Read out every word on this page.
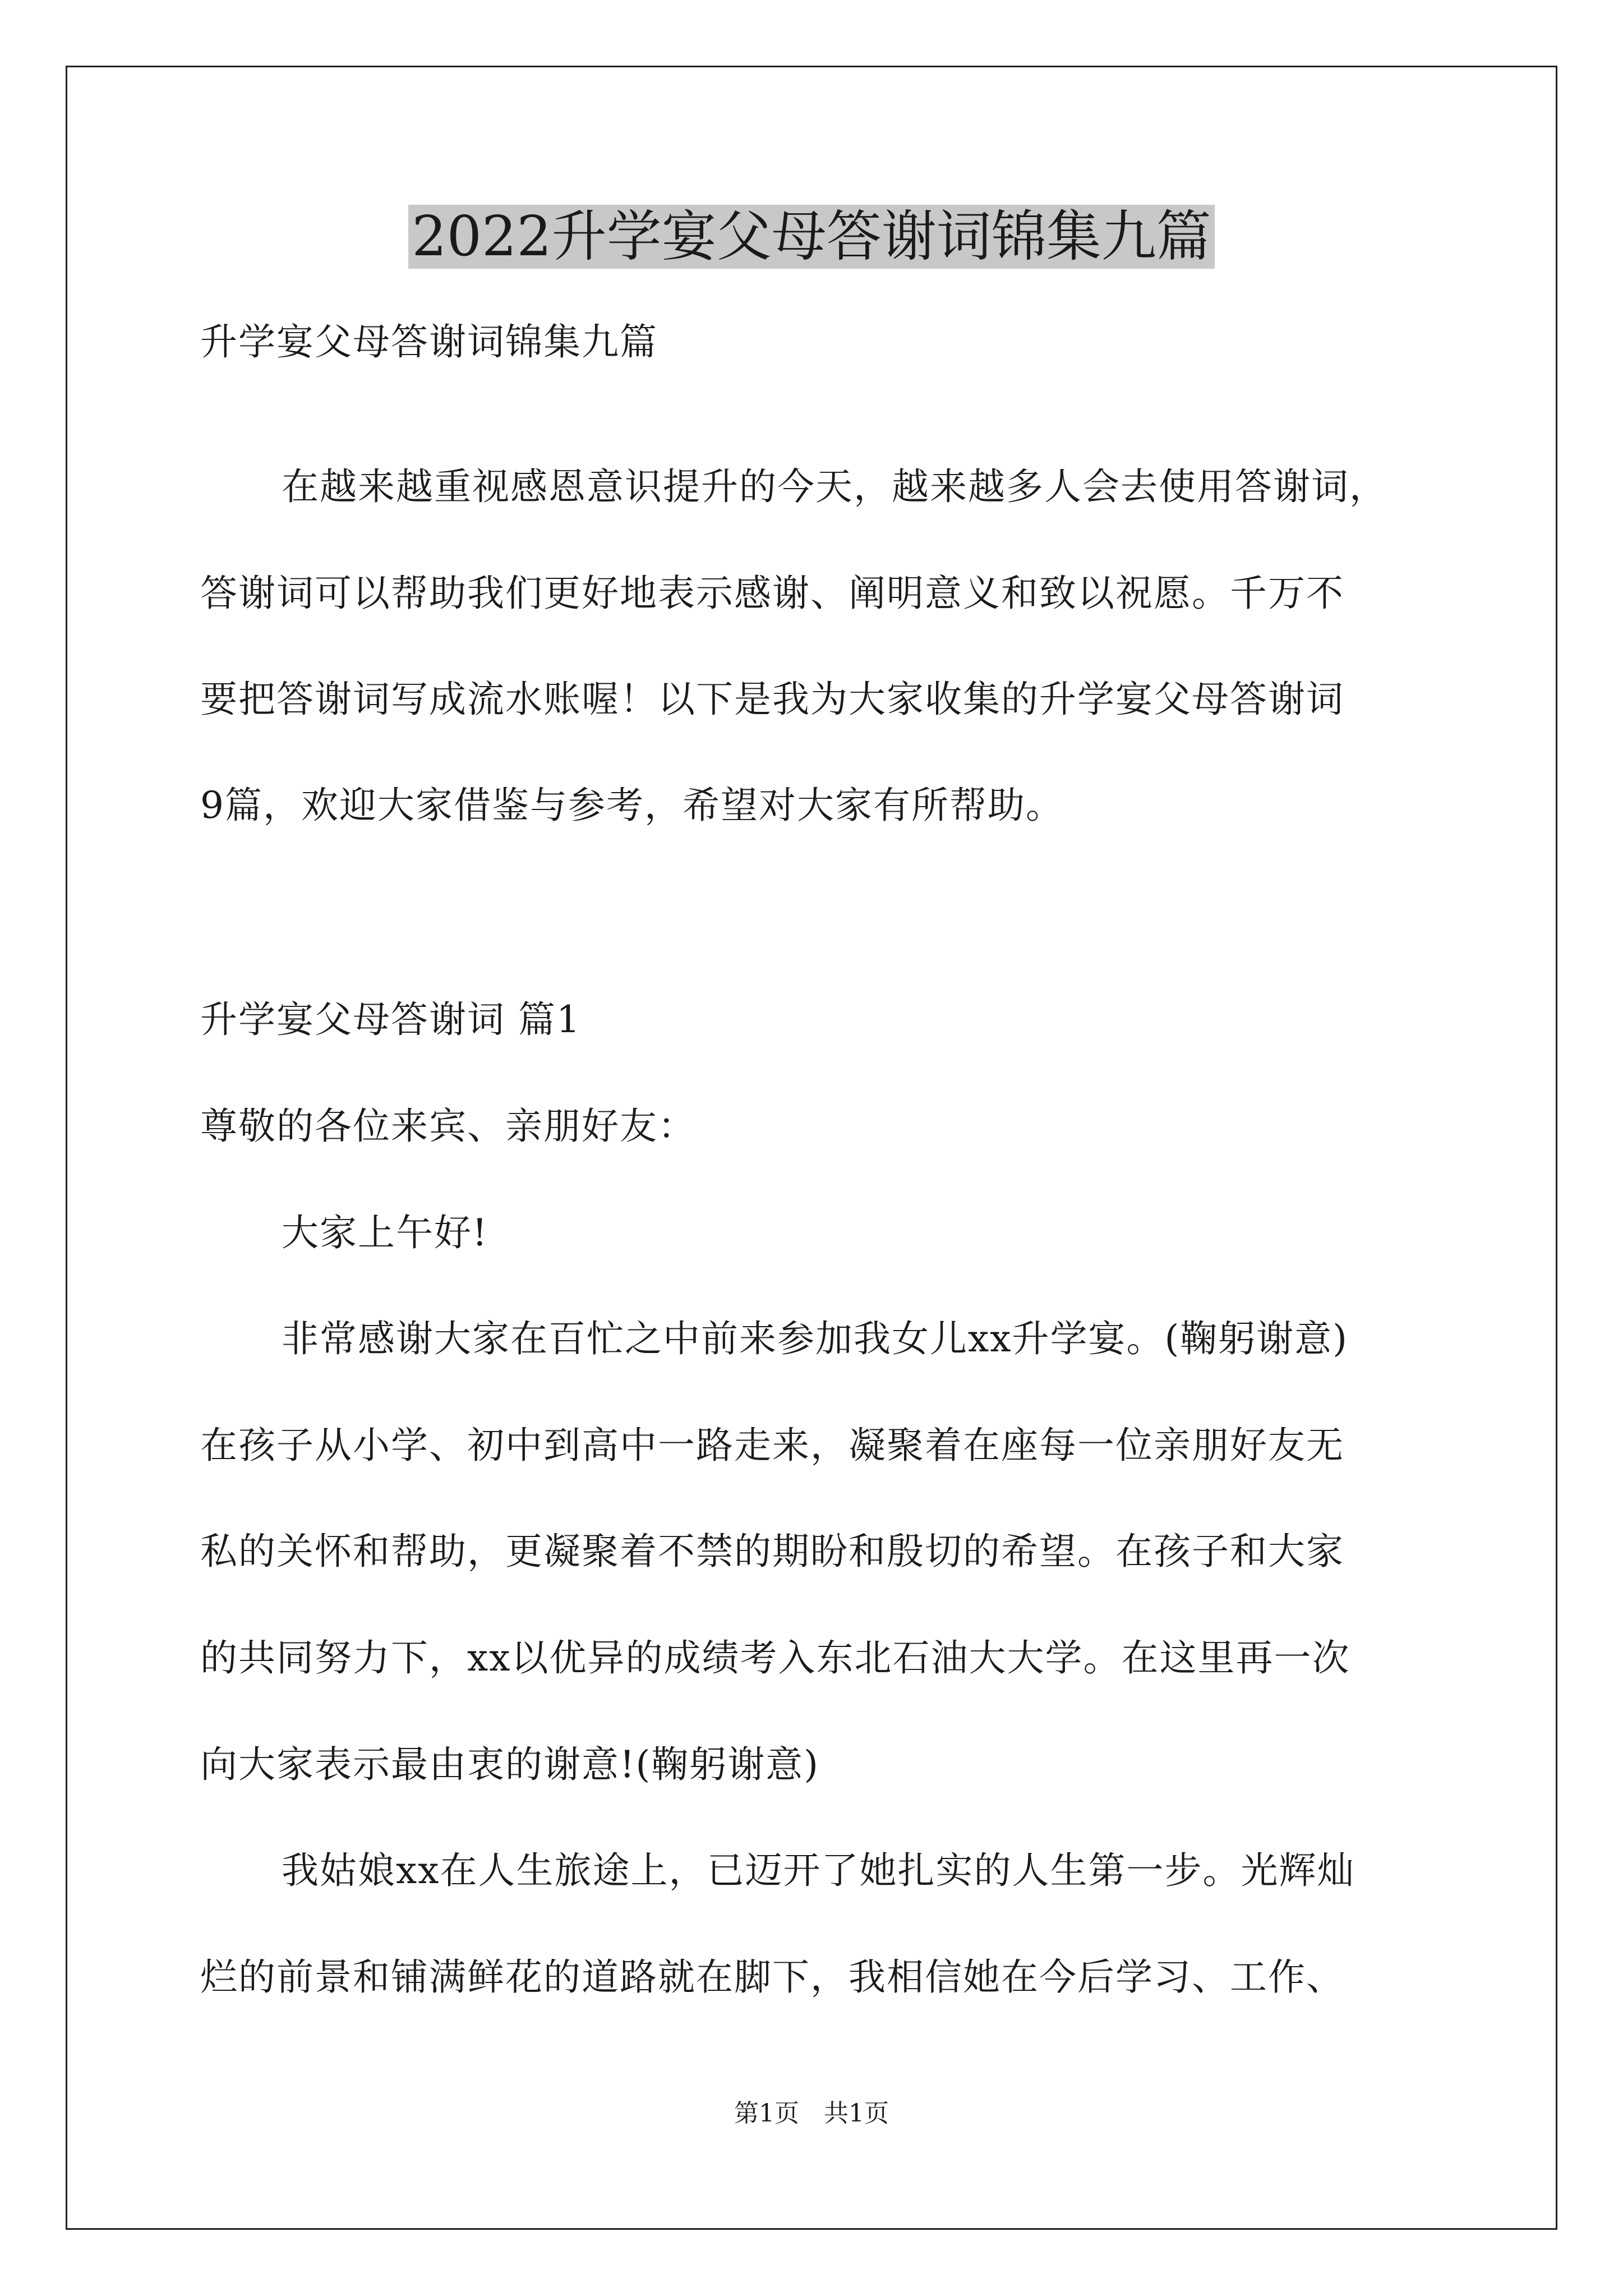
2022升学宴父母答谢词锦集九篇
升学宴父母答谢词锦集九篇
在越来越重视感恩意识提升的今天，越来越多人会去使用答谢词，
答谢词可以帮助我们更好地表示感谢、阐明意义和致以祝愿。千万不
要把答谢词写成流水账喔！以下是我为大家收集的升学宴父母答谢词
9篇，欢迎大家借鉴与参考，希望对大家有所帮助。
升学宴父母答谢词 篇1
尊敬的各位来宾、亲朋好友：
大家上午好!
非常感谢大家在百忙之中前来参加我女儿xx升学宴。(鞠躬谢意)
在孩子从小学、初中到高中一路走来，凝聚着在座每一位亲朋好友无
私的关怀和帮助，更凝聚着不禁的期盼和殷切的希望。在孩子和大家
的共同努力下，xx以优异的成绩考入东北石油大大学。在这里再一次
向大家表示最由衷的谢意!(鞠躬谢意)
我姑娘xx在人生旅途上，已迈开了她扎实的人生第一步。光辉灿
烂的前景和铺满鲜花的道路就在脚下，我相信她在今后学习、工作、
第1页　共1页
